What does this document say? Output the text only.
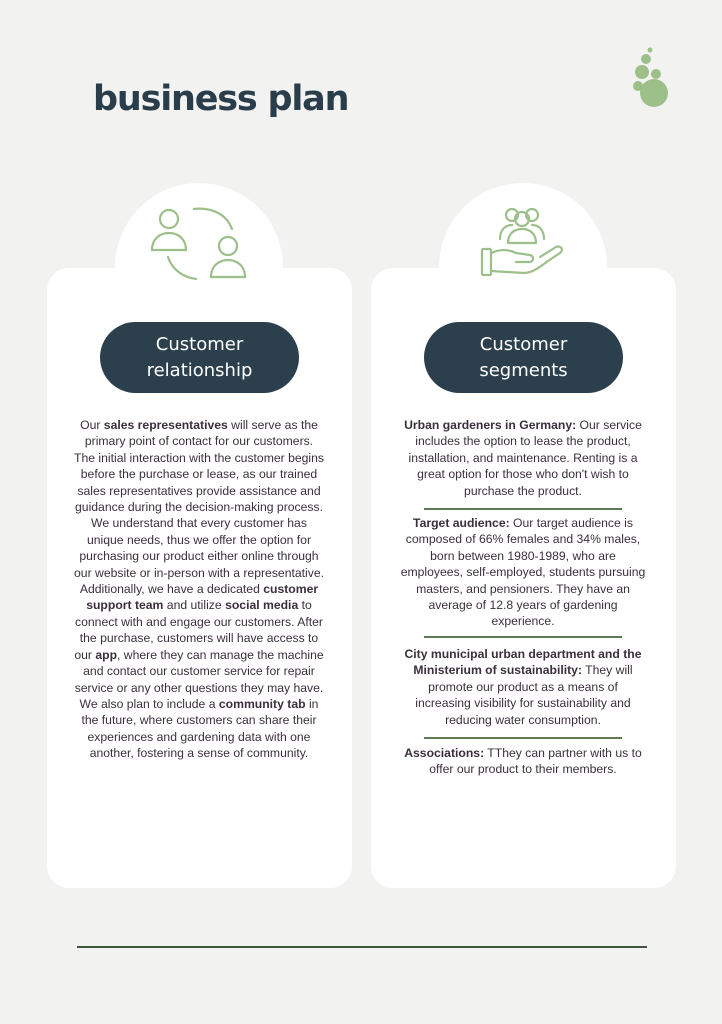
business plan
Customer
relationship

Our sales representatives will serve as the primary point of contact for our customers. The initial interaction with the customer begins before the purchase or lease, as our trained sales representatives provide assistance and guidance during the decision-making process. We understand that every customer has unique needs, thus we offer the option for purchasing our product either online through our website or in-person with a representative. Additionally, we have a dedicated customer support team and utilize social media to connect with and engage our customers. After the purchase, customers will have access to our app, where they can manage the machine and contact our customer service for repair service or any other questions they may have. We also plan to include a community tab in the future, where customers can share their experiences and gardening data with one another, fostering a sense of community.

Customer
segments

Urban gardeners in Germany: Our service includes the option to lease the product, installation, and maintenance. Renting is a great option for those who don't wish to purchase the product.

Target audience: Our target audience is composed of 66% females and 34% males, born between 1980-1989, who are employees, self-employed, students pursuing masters, and pensioners. They have an average of 12.8 years of gardening experience.

City municipal urban department and the Ministerium of sustainability: They will promote our product as a means of increasing visibility for sustainability and reducing water consumption.

Associations: TThey can partner with us to offer our product to their members.
